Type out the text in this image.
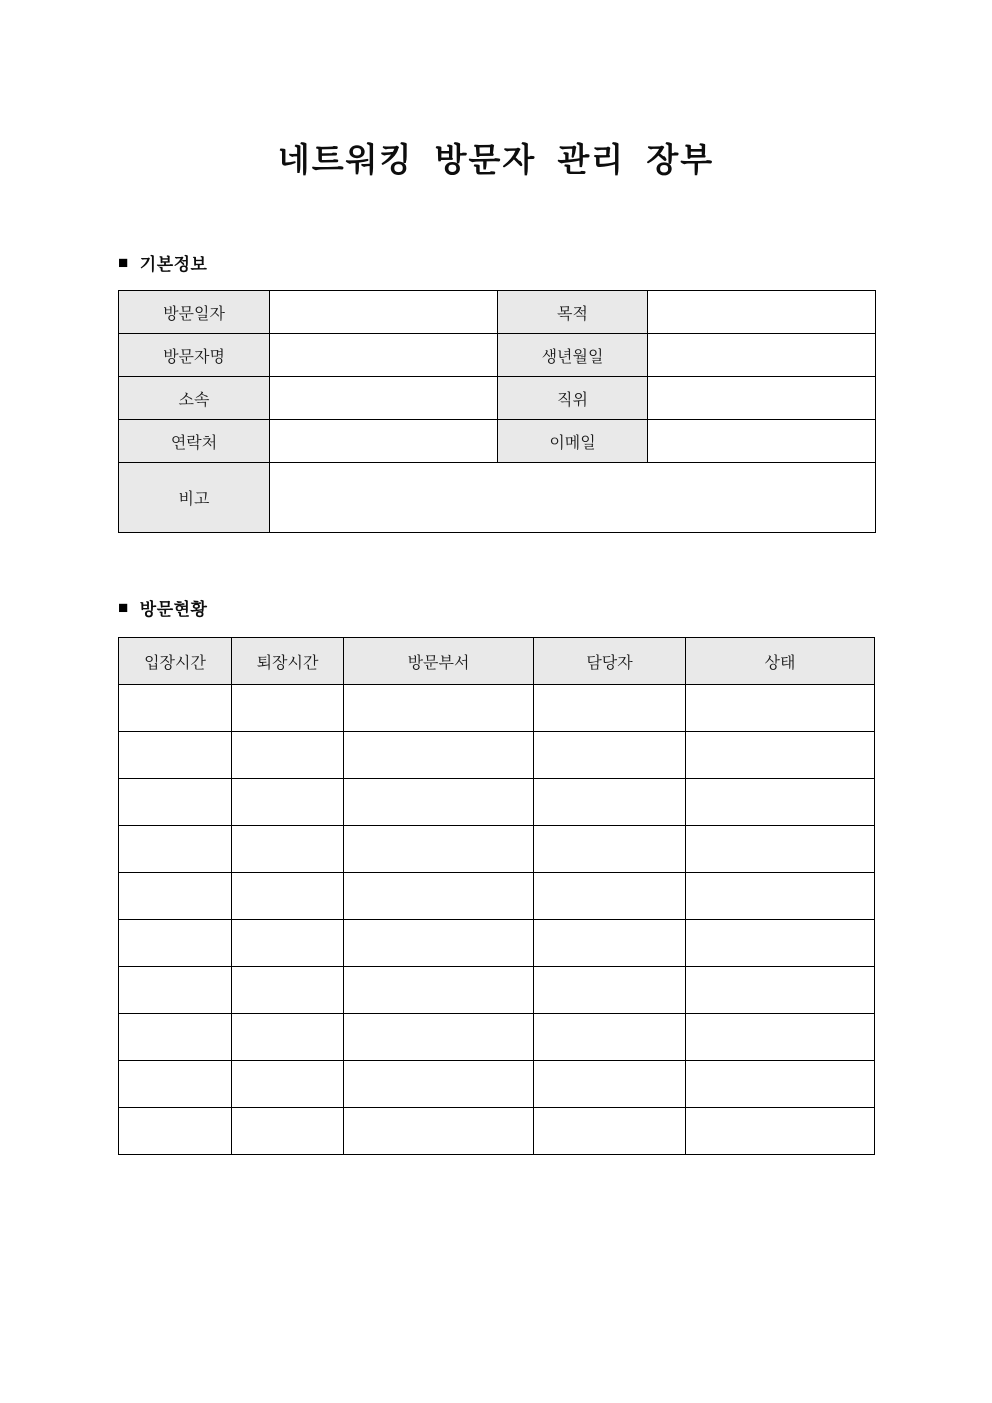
네트워킹 방문자 관리 장부
■ 기본정보
방문일자		목적	
방문자명		생년월일	
소속		직위	
연락처		이메일	
비고			
■ 방문현황
입장시간	퇴장시간	방문부서	담당자	상태
